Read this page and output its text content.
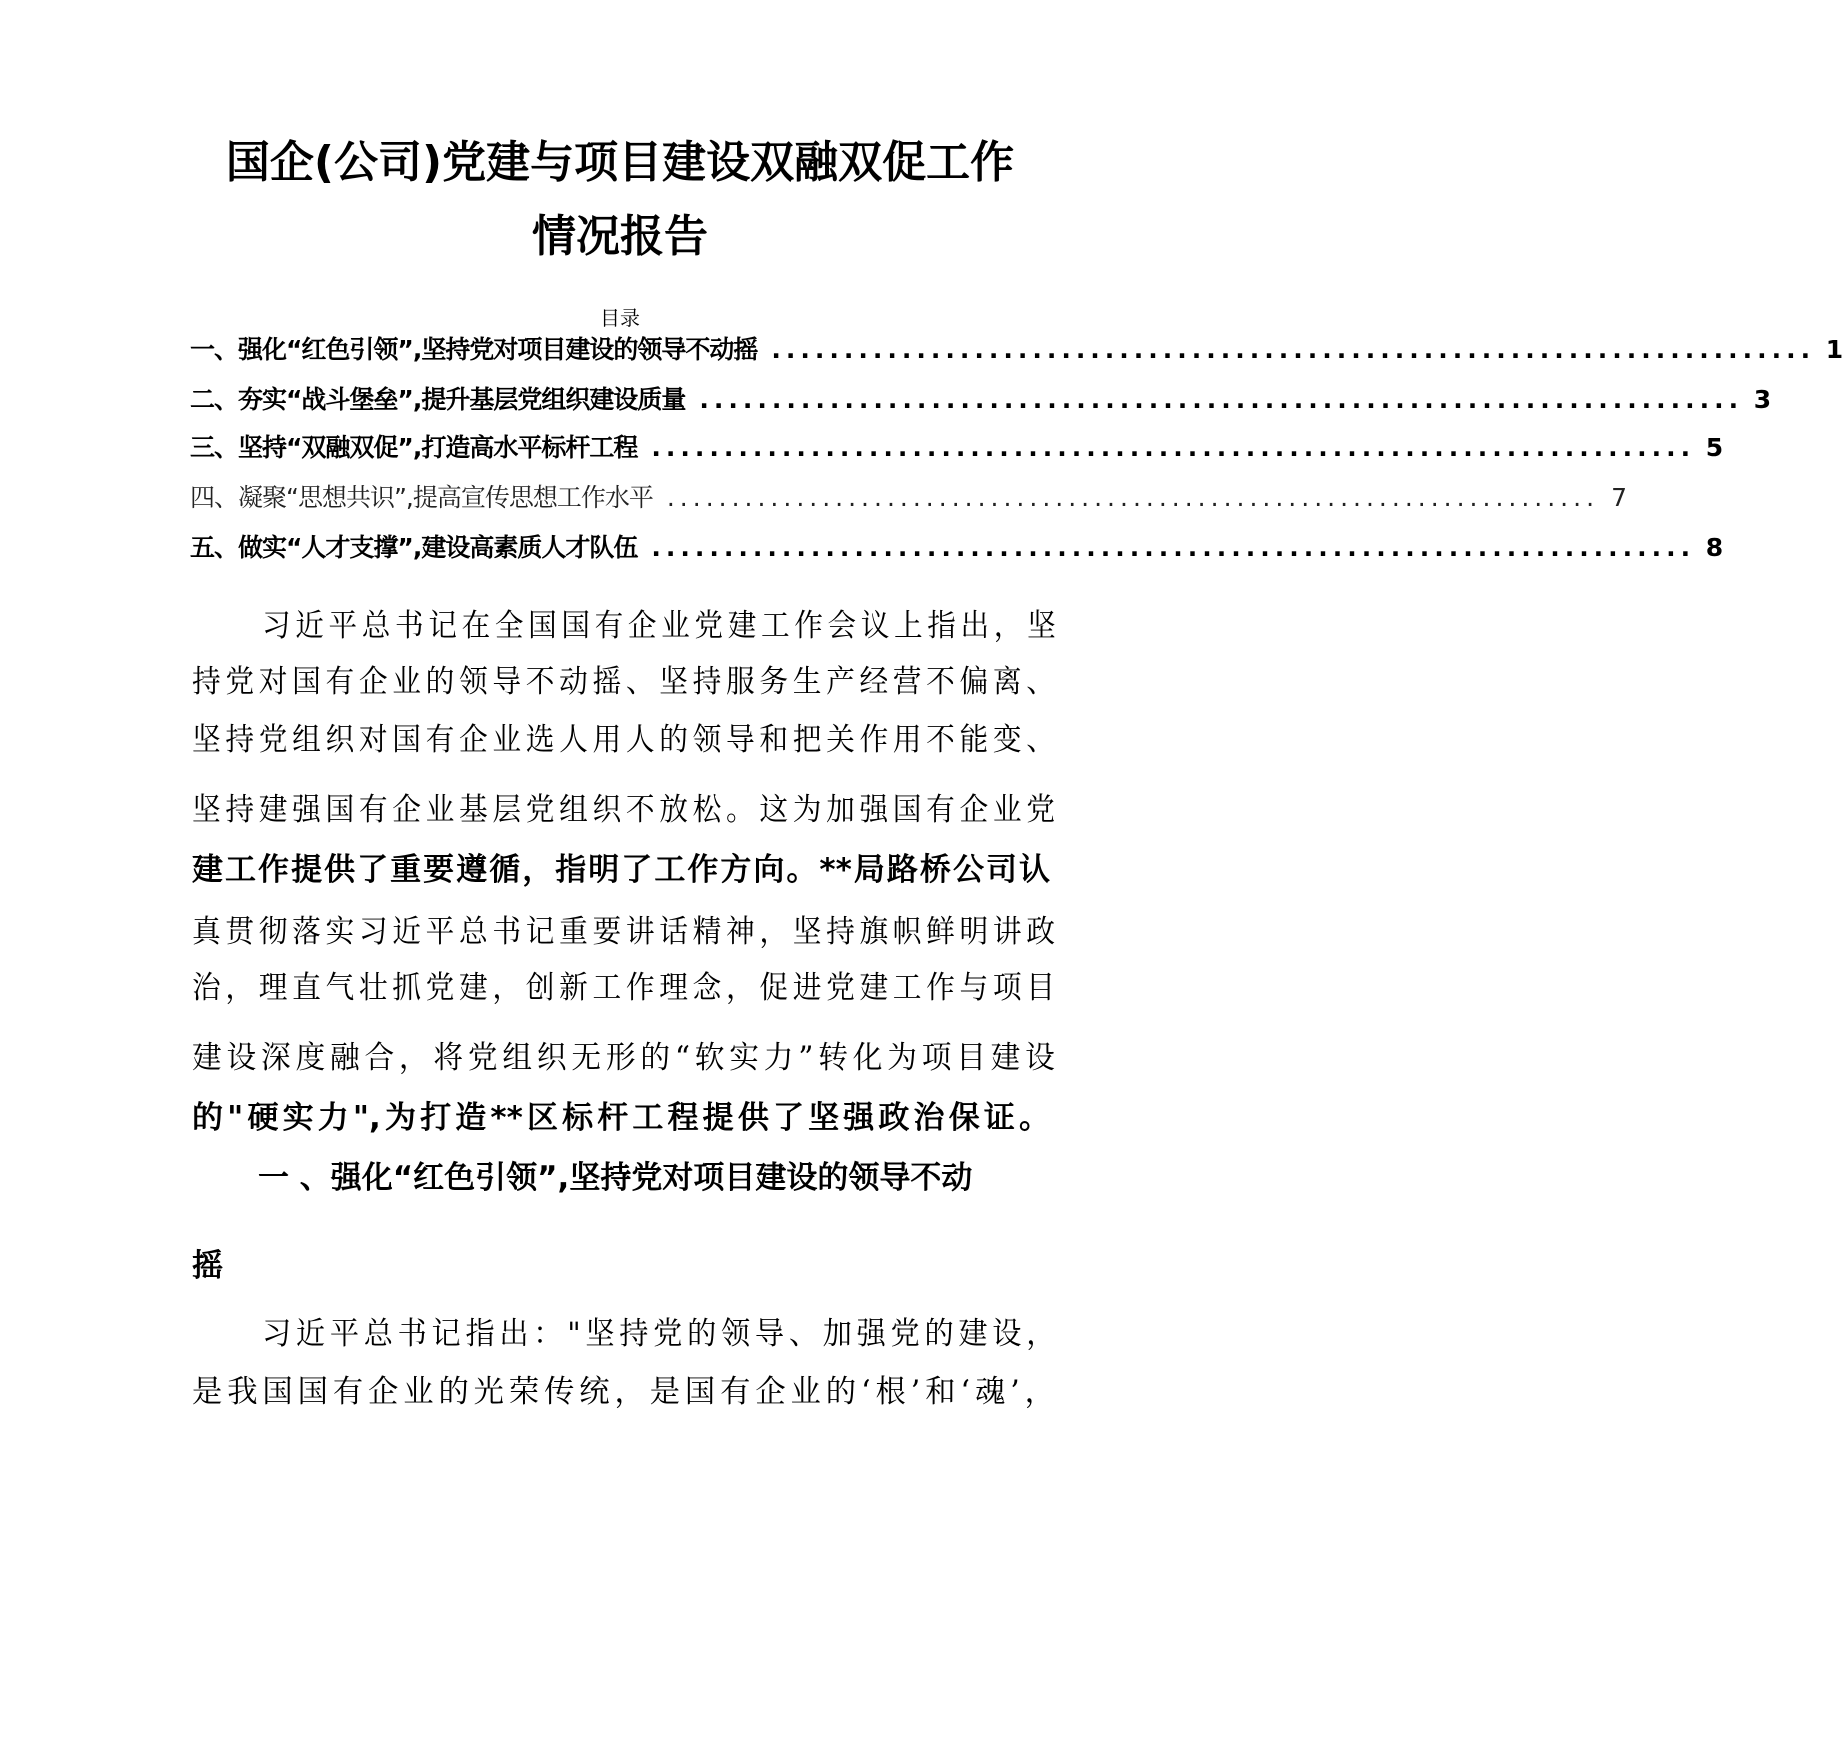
国企(公司)党建与项目建设双融双促工作
情况报告
目录
一、强化“红色引领”,坚持党对项目建设的领导不动摇 ........................................................................ 1
二、夯实“战斗堡垒”,提升基层党组织建设质量 ........................................................................ 3
三、坚持“双融双促”,打造高水平标杆工程 ........................................................................ 5
四、凝聚“思想共识”,提高宣传思想工作水平 ........................................................................ 7
五、做实“人才支撑”,建设高素质人才队伍 ........................................................................ 8
习近平总书记在全国国有企业党建工作会议上指出，坚
持党对国有企业的领导不动摇、坚持服务生产经营不偏离、
坚持党组织对国有企业选人用人的领导和把关作用不能变、
坚持建强国有企业基层党组织不放松。这为加强国有企业党
建工作提供了重要遵循，指明了工作方向。**局路桥公司认
真贯彻落实习近平总书记重要讲话精神，坚持旗帜鲜明讲政
治，理直气壮抓党建，创新工作理念，促进党建工作与项目
建设深度融合，将党组织无形的“软实力”转化为项目建设
的"硬实力",为打造**区标杆工程提供了坚强政治保证。
一 、强化“红色引领”,坚持党对项目建设的领导不动
摇
习近平总书记指出："坚持党的领导、加强党的建设，
是我国国有企业的光荣传统，是国有企业的‘根’和‘魂’，
